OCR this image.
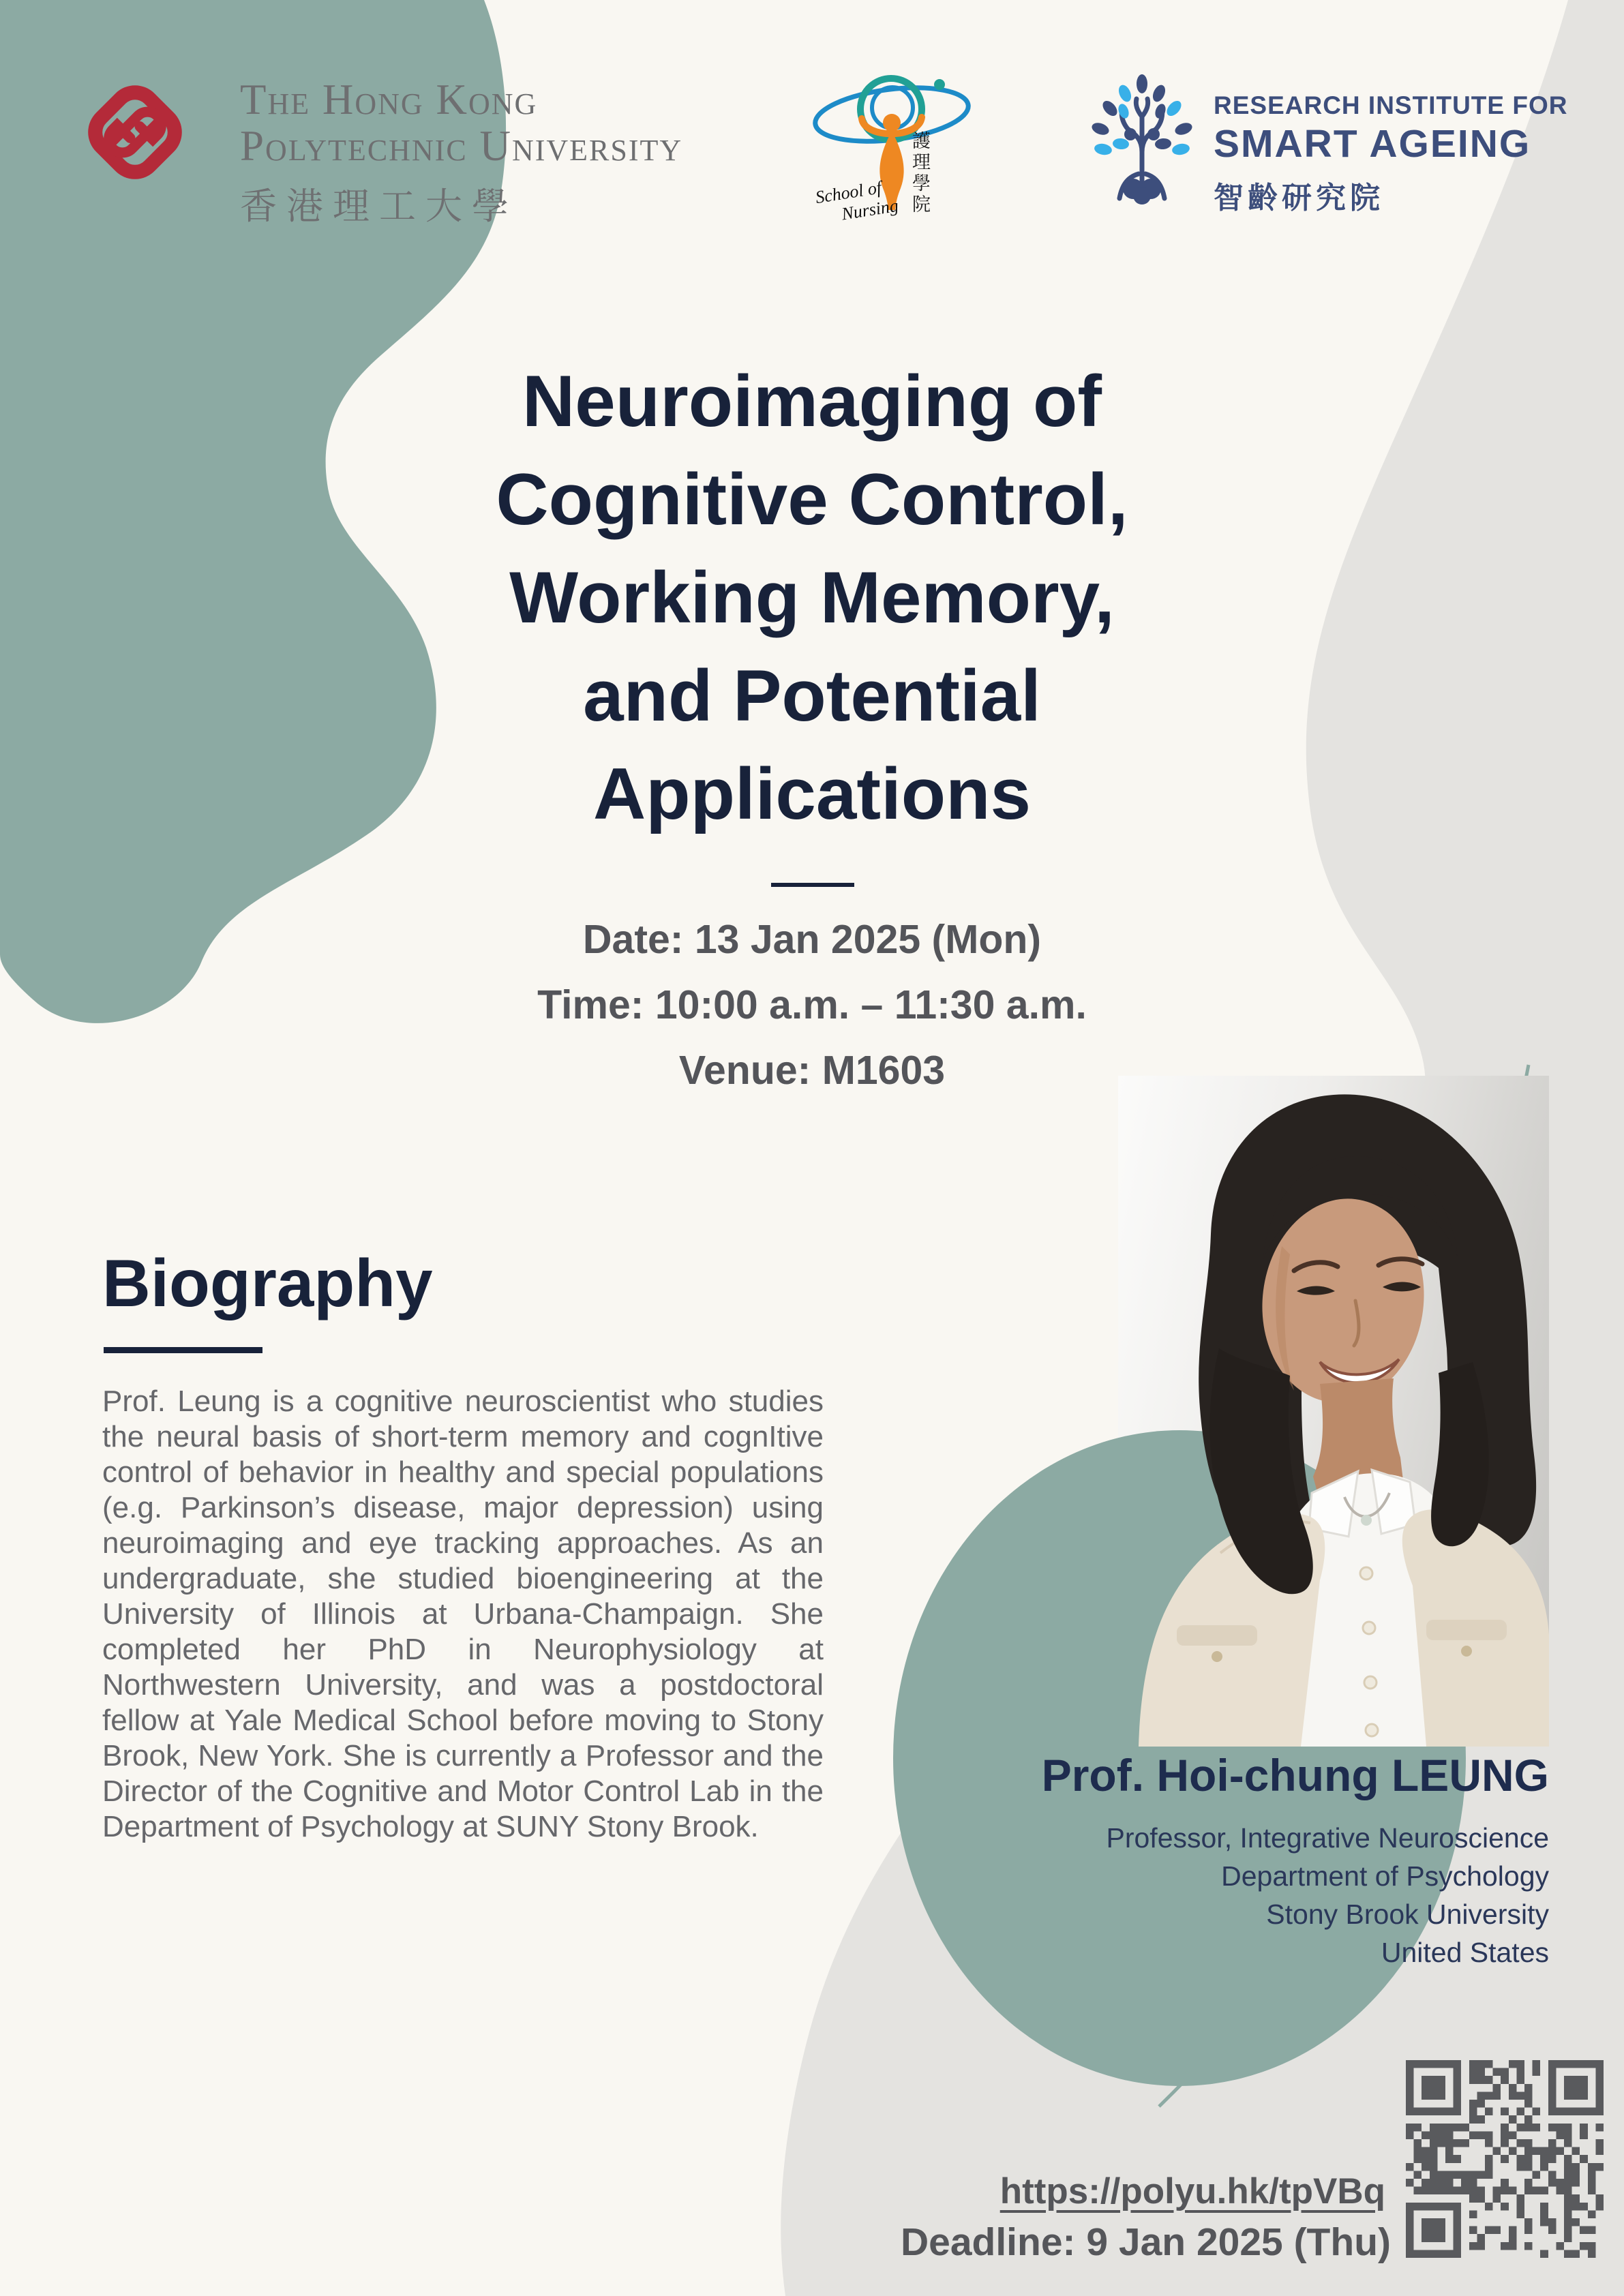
The Hong Kong
Polytechnic University
香港理工大學	School of
Nursing
護
理
學
院
RESEARCH INSTITUTE FOR
SMART AGEING
智齡研究院
Neuroimaging of
Cognitive Control,
Working Memory,
and Potential
Applications
Date: 13 Jan 2025 (Mon)
Time: 10:00 a.m. – 11:30 a.m.
Venue: M1603
Biography
Prof. Leung is a cognitive neuroscientist who studies the neural basis of short-term memory and cognItive control of behavior in healthy and special populations (e.g. Parkinson’s disease, major depression) using neuroimaging and eye tracking approaches. As an undergraduate, she studied bioengineering at the University of Illinois at Urbana-Champaign. She completed her PhD in Neurophysiology at Northwestern University, and was a postdoctoral fellow at Yale Medical School before moving to Stony Brook, New York. She is currently a Professor and the Director of the Cognitive and Motor Control Lab in the Department of Psychology at SUNY Stony Brook.
Prof. Hoi-chung LEUNG
Professor, Integrative Neuroscience
Department of Psychology
Stony Brook University
United States
https://polyu.hk/tpVBq
Deadline: 9 Jan 2025 (Thu)
